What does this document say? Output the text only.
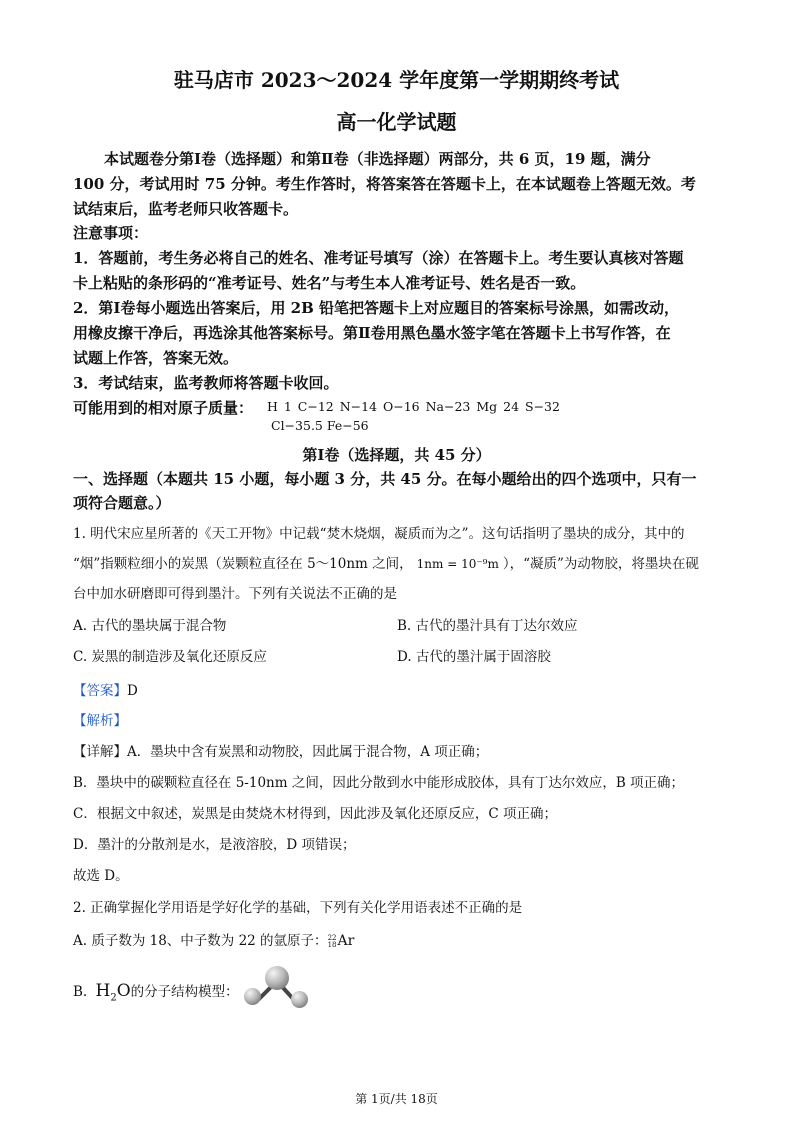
驻马店市 2023～2024 学年度第一学期期终考试
高一化学试题
本试题卷分第Ⅰ卷（选择题）和第Ⅱ卷（非选择题）两部分，共 6 页，19 题，满分
100 分，考试用时 75 分钟。考生作答时，将答案答在答题卡上，在本试题卷上答题无效。考
试结束后，监考老师只收答题卡。
注意事项：
1．答题前，考生务必将自己的姓名、准考证号填写（涂）在答题卡上。考生要认真核对答题
卡上粘贴的条形码的“准考证号、姓名”与考生本人准考证号、姓名是否一致。
2．第Ⅰ卷每小题选出答案后，用 2B 铅笔把答题卡上对应题目的答案标号涂黑，如需改动，
用橡皮擦干净后，再选涂其他答案标号。第Ⅱ卷用黑色墨水签字笔在答题卡上书写作答，在
试题上作答，答案无效。
3．考试结束，监考教师将答题卡收回。
可能用到的相对原子质量： H 1 C−12 N−14 O−16 Na−23 Mg 24 S−32
Cl−35.5 Fe−56
第Ⅰ卷（选择题，共 45 分）
一、选择题（本题共 15 小题，每小题 3 分，共 45 分。在每小题给出的四个选项中，只有一
项符合题意。）
1. 明代宋应星所著的《天工开物》中记载“焚木烧烟，凝质而为之”。这句话指明了墨块的成分，其中的
“烟”指颗粒细小的炭黑（炭颗粒直径在 5～10nm 之间， 1nm = 10⁻⁹m ），“凝质”为动物胶，将墨块在砚
台中加水研磨即可得到墨汁。下列有关说法不正确的是
A. 古代的墨块属于混合物	B. 古代的墨汁具有丁达尔效应
C. 炭黑的制造涉及氧化还原反应	D. 古代的墨汁属于固溶胶
【答案】D
【解析】
【详解】A．墨块中含有炭黑和动物胶，因此属于混合物，A 项正确；
B．墨块中的碳颗粒直径在 5-10nm 之间，因此分散到水中能形成胶体，具有丁达尔效应，B 项正确；
C．根据文中叙述，炭黑是由焚烧木材得到，因此涉及氧化还原反应，C 项正确；
D．墨汁的分散剂是水，是液溶胶，D 项错误；
故选 D。
2. 正确掌握化学用语是学好化学的基础，下列有关化学用语表述不正确的是
A. 质子数为 18、中子数为 22 的氩原子： 22
18 Ar
B. $H_2O$的分子结构模型：
第 1页/共 18页
